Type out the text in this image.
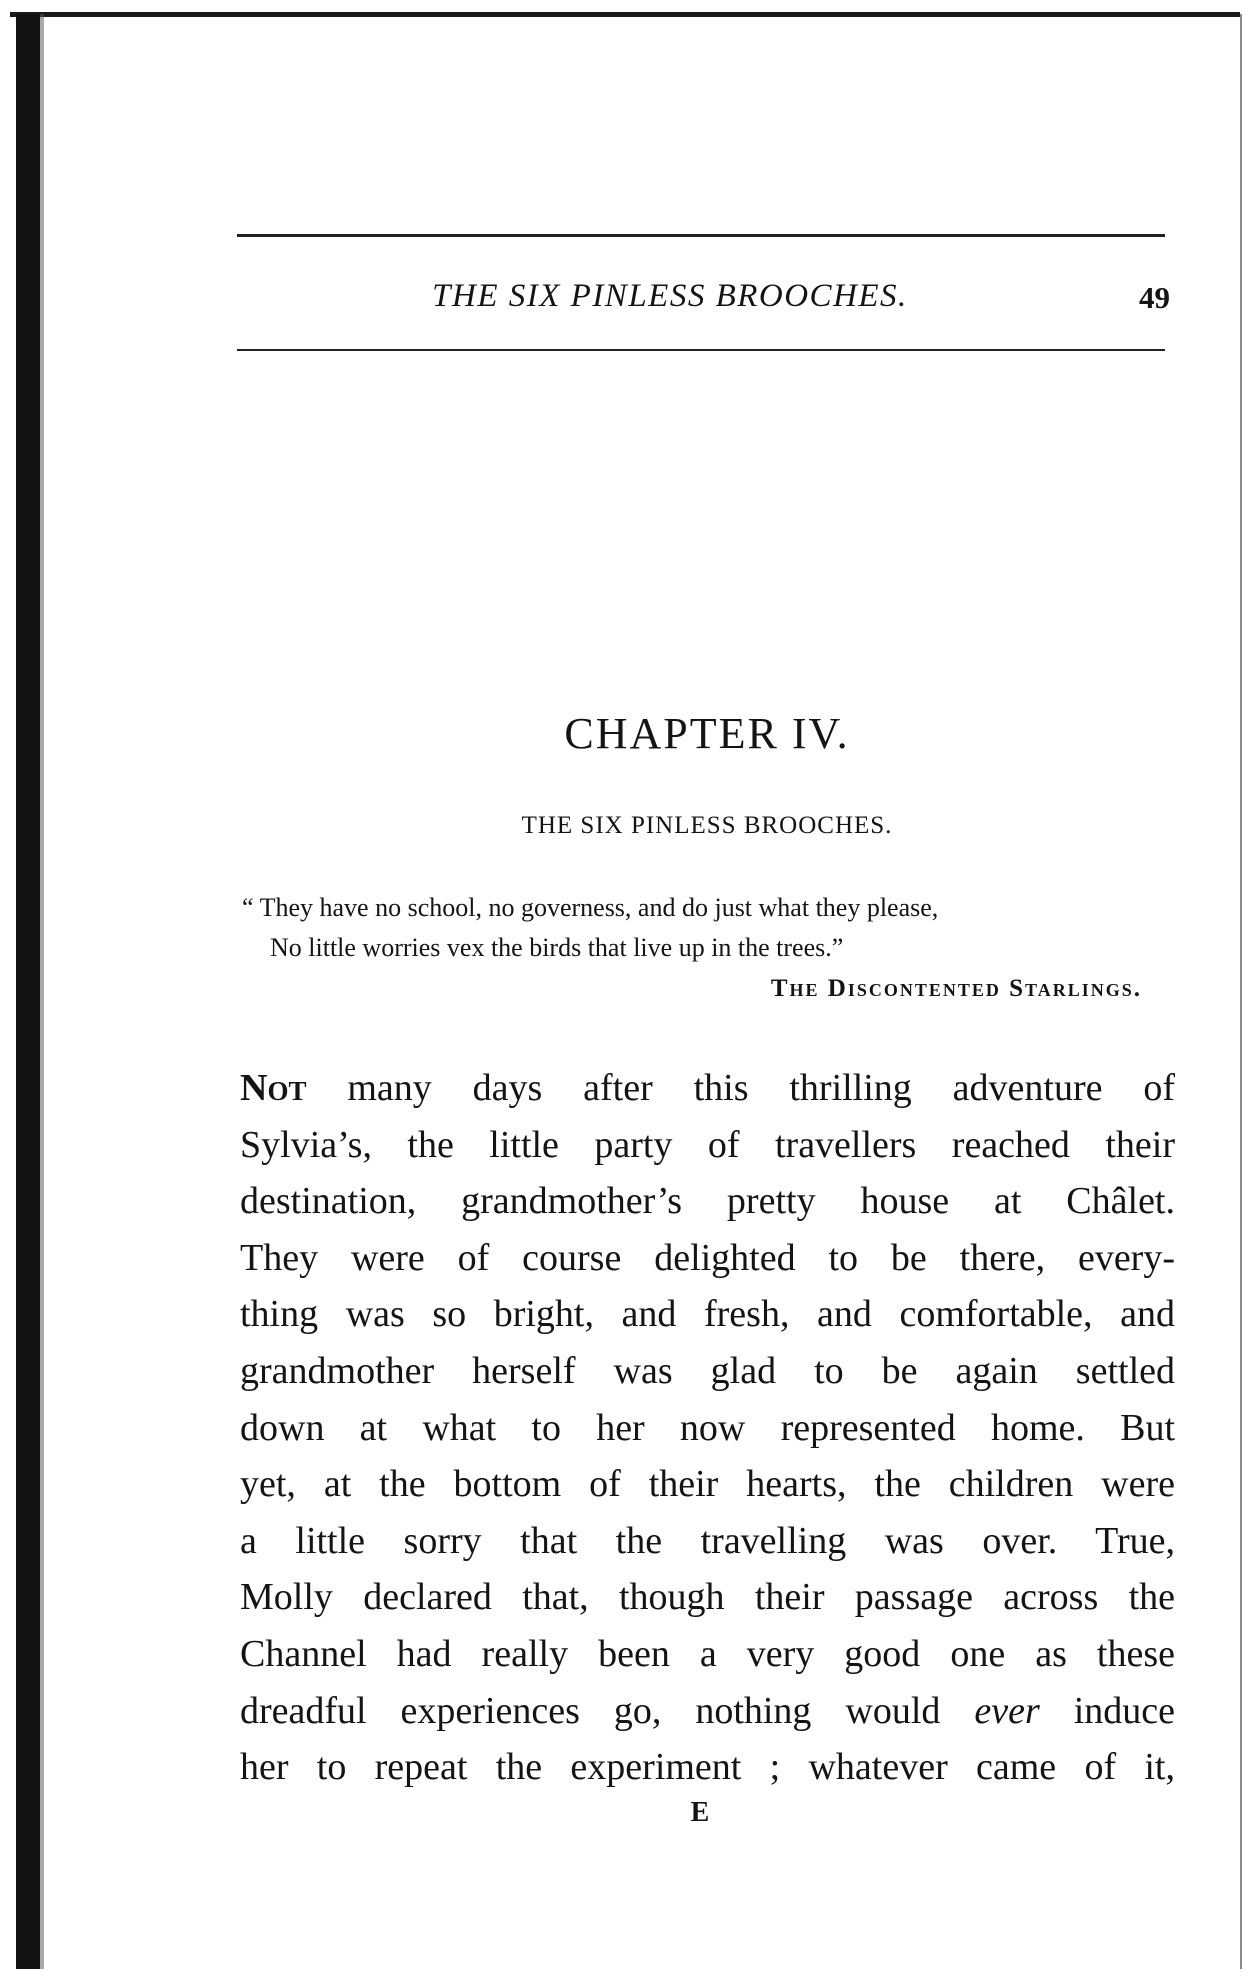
THE SIX PINLESS BROOCHES.	49
CHAPTER IV.
THE SIX PINLESS BROOCHES.
“ They have no school, no governess, and do just what they please,
No little worries vex the birds that live up in the trees.”
The Discontented Starlings.
Not many days after this thrilling adventure of
Sylvia’s, the little party of travellers reached their
destination, grandmother’s pretty house at Châlet.
They were of course delighted to be there, every-
thing was so bright, and fresh, and comfortable, and
grandmother herself was glad to be again settled
down at what to her now represented home. But
yet, at the bottom of their hearts, the children were
a little sorry that the travelling was over. True,
Molly declared that, though their passage across the
Channel had really been a very good one as these
dreadful experiences go, nothing would ever induce
her to repeat the experiment ; whatever came of it,
E
